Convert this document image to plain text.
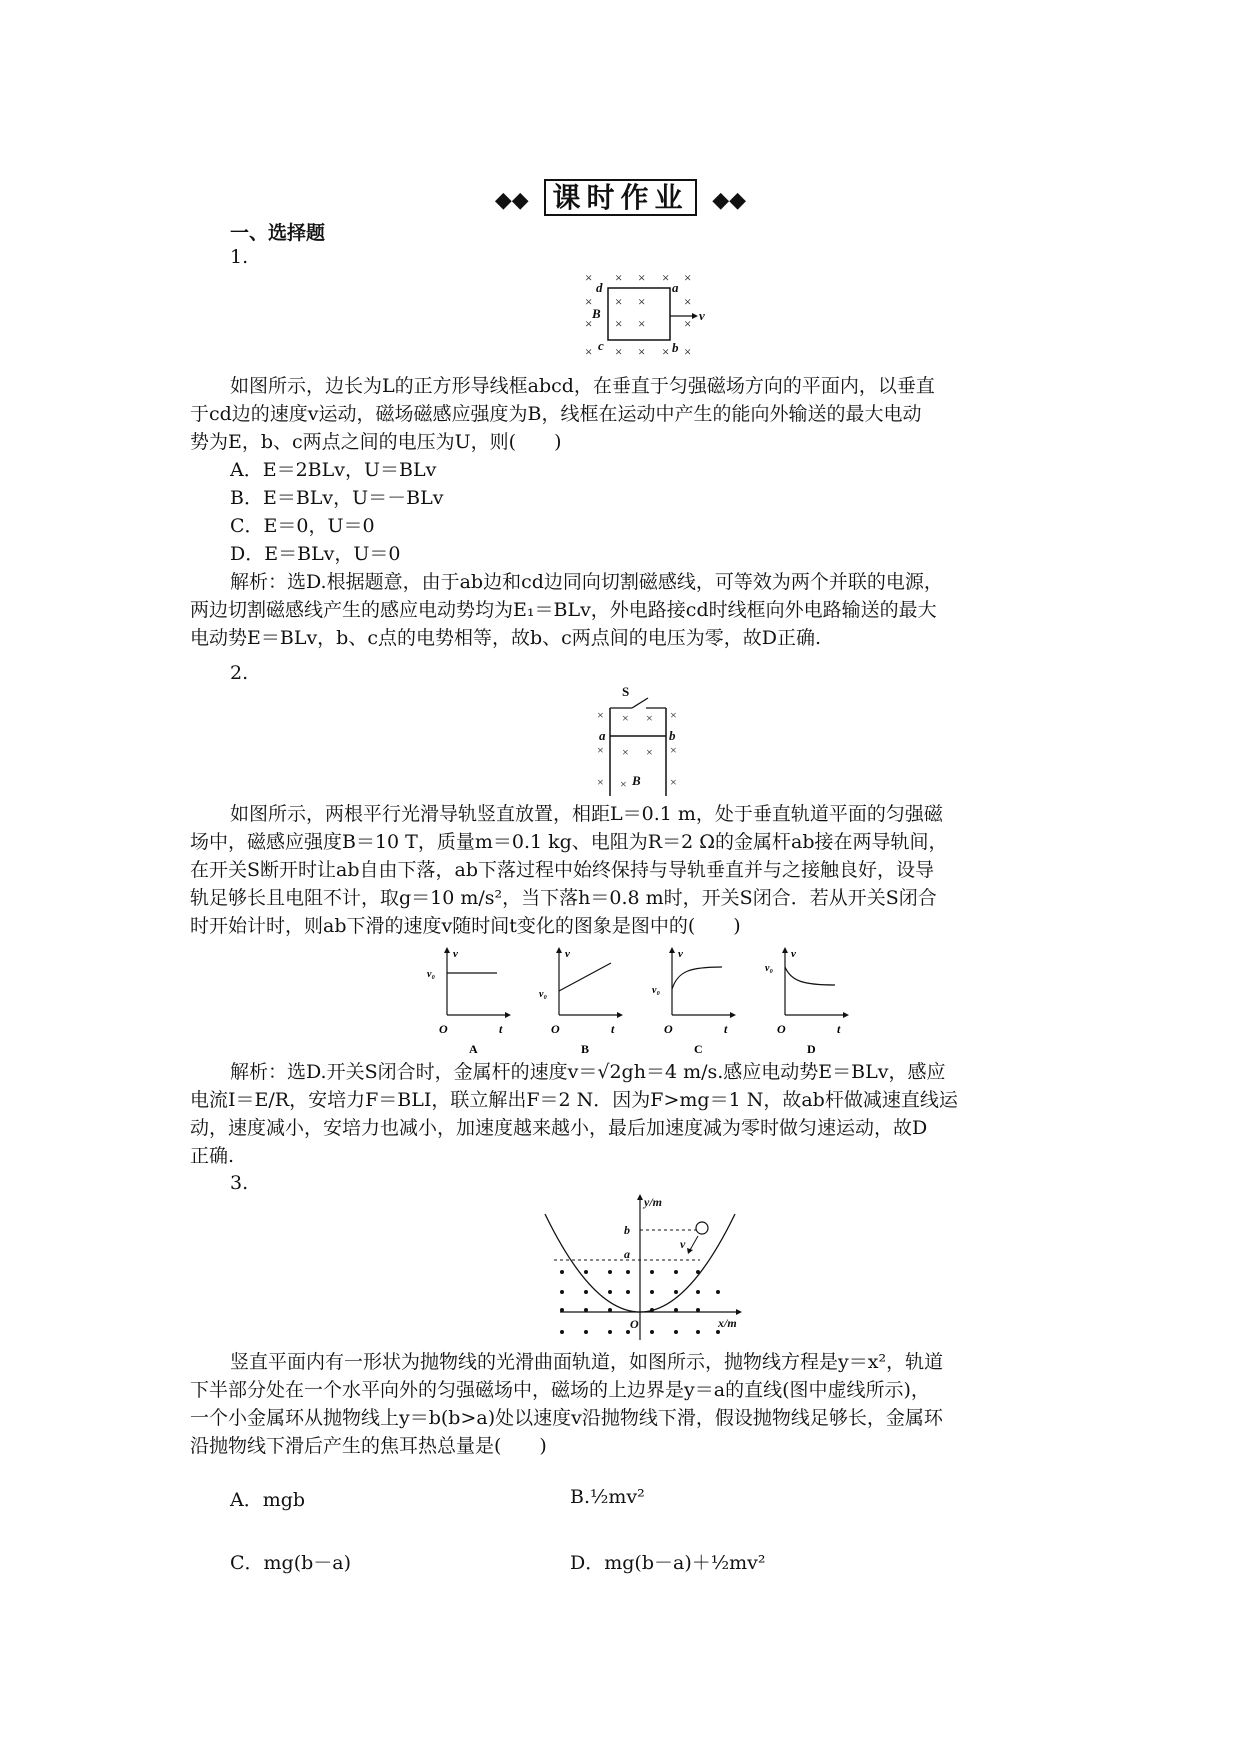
◆◆ 课时作业 ◆◆
一、选择题
1.
× × × × ×
× × ×	×
× × ×	×
× × × × ×
d	a
B	v
c	b

如图所示，边长为L的正方形导线框abcd，在垂直于匀强磁场方向的平面内，以垂直

于cd边的速度v运动，磁场磁感应强度为B，线框在运动中产生的能向外输送的最大电动

势为E，b、c两点之间的电压为U，则(　　)

A．E＝2BLv，U＝BLv

B．E＝BLv，U＝－BLv

C．E＝0，U＝0

D．E＝BLv，U＝0

解析：选D.根据题意，由于ab边和cd边同向切割磁感线，可等效为两个并联的电源，

两边切割磁感线产生的感应电动势均为E₁＝BLv，外电路接cd时线框向外电路输送的最大

电动势E＝BLv，b、c点的电势相等，故b、c两点间的电压为零，故D正确.

2.
× × × ×
× × × ×
× ×	×
S
a	b
B

如图所示，两根平行光滑导轨竖直放置，相距L＝0.1 m，处于垂直轨道平面的匀强磁

场中，磁感应强度B＝10 T，质量m＝0.1 kg、电阻为R＝2 Ω的金属杆ab接在两导轨间，

在开关S断开时让ab自由下落，ab下落过程中始终保持与导轨垂直并与之接触良好，设导

轨足够长且电阻不计，取g＝10 m/s²，当下落h＝0.8 m时，开关S闭合．若从开关S闭合

时开始计时，则ab下滑的速度v随时间t变化的图象是图中的(　　)

v
v₀
O	t
A
v
v₀
O	t
B
v
v₀
O	t
C
v
v₀
O	t
D

解析：选D.开关S闭合时，金属杆的速度v＝√2gh＝4 m/s.感应电动势E＝BLv，感应

电流I＝E/R，安培力F＝BLI，联立解出F＝2 N．因为F>mg＝1 N，故ab杆做减速直线运

动，速度减小，安培力也减小，加速度越来越小，最后加速度减为零时做匀速运动，故D

正确.

3.
y/m
x/m
b
a
O
v

竖直平面内有一形状为抛物线的光滑曲面轨道，如图所示，抛物线方程是y＝x²，轨道

下半部分处在一个水平向外的匀强磁场中，磁场的上边界是y＝a的直线(图中虚线所示)，

一个小金属环从抛物线上y＝b(b>a)处以速度v沿抛物线下滑，假设抛物线足够长，金属环

沿抛物线下滑后产生的焦耳热总量是(　　)

A．mgb	B.½mv²
C．mg(b－a)	D．mg(b－a)＋½mv²
